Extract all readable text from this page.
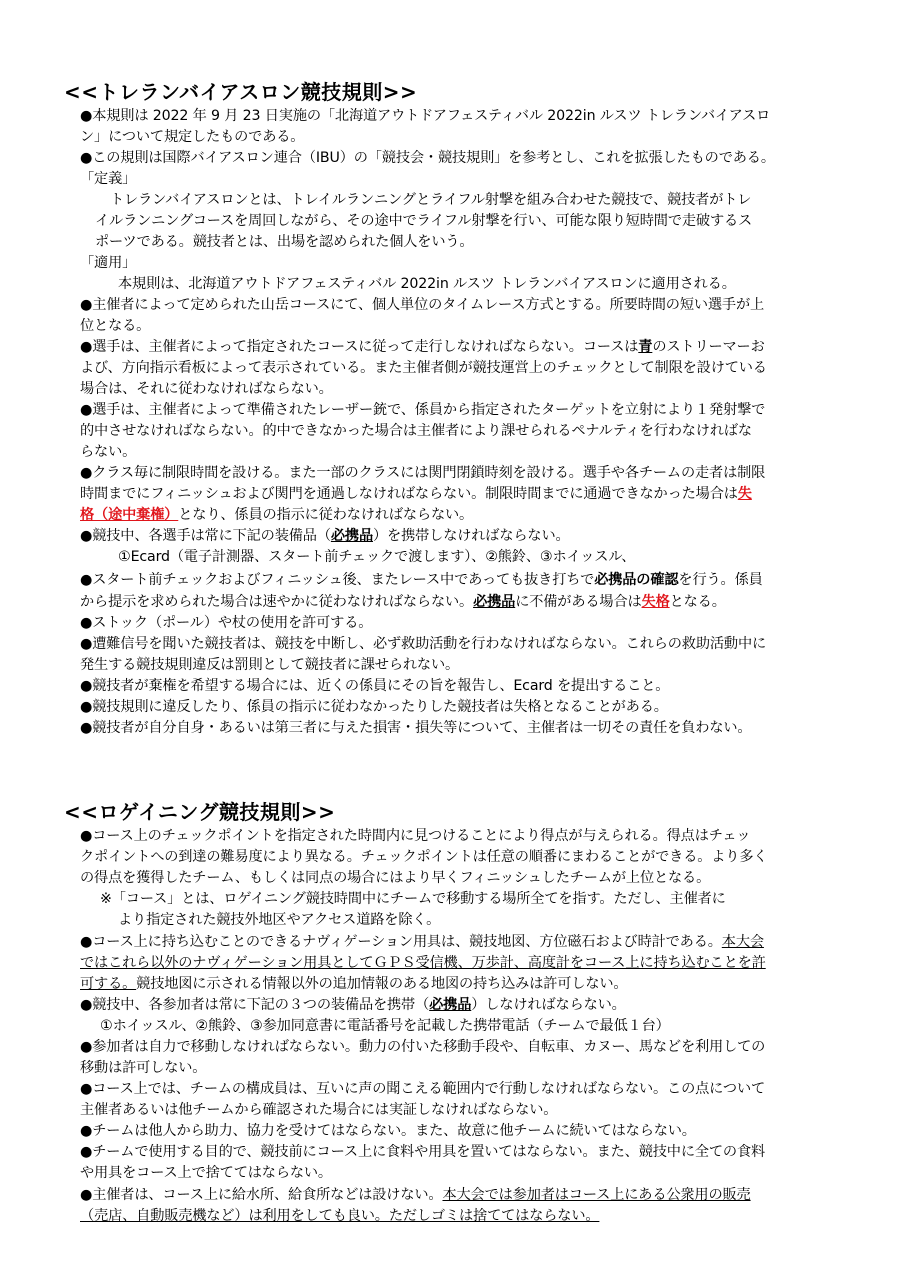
<<トレランバイアスロン競技規則>>
●本規則は 2022 年 9 月 23 日実施の「北海道アウトドアフェスティバル 2022in ルスツ トレランバイアスロ
ン」について規定したものである。
●この規則は国際バイアスロン連合（IBU）の「競技会・競技規則」を参考とし、これを拡張したものである。
「定義」
トレランバイアスロンとは、トレイルランニングとライフル射撃を組み合わせた競技で、競技者がトレ
イルランニングコースを周回しながら、その途中でライフル射撃を行い、可能な限り短時間で走破するス
ポーツである。競技者とは、出場を認められた個人をいう。
「適用」
本規則は、北海道アウトドアフェスティバル 2022in ルスツ トレランバイアスロンに適用される。
●主催者によって定められた山岳コースにて、個人単位のタイムレース方式とする。所要時間の短い選手が上
位となる。
●選手は、主催者によって指定されたコースに従って走行しなければならない。コースは青のストリーマーお
よび、方向指示看板によって表示されている。また主催者側が競技運営上のチェックとして制限を設けている
場合は、それに従わなければならない。
●選手は、主催者によって準備されたレーザー銃で、係員から指定されたターゲットを立射により１発射撃で
的中させなければならない。的中できなかった場合は主催者により課せられるペナルティを行わなければな
らない。
●クラス毎に制限時間を設ける。また一部のクラスには関門閉鎖時刻を設ける。選手や各チームの走者は制限
時間までにフィニッシュおよび関門を通過しなければならない。制限時間までに通過できなかった場合は失
格（途中棄権）となり、係員の指示に従わなければならない。
●競技中、各選手は常に下記の装備品（必携品）を携帯しなければならない。
①Ecard（電子計測器、スタート前チェックで渡します）、②熊鈴、③ホイッスル、
●スタート前チェックおよびフィニッシュ後、またレース中であっても抜き打ちで必携品の確認を行う。係員
から提示を求められた場合は速やかに従わなければならない。必携品に不備がある場合は失格となる。
●ストック（ポール）や杖の使用を許可する。
●遭難信号を聞いた競技者は、競技を中断し、必ず救助活動を行わなければならない。これらの救助活動中に
発生する競技規則違反は罰則として競技者に課せられない。
●競技者が棄権を希望する場合には、近くの係員にその旨を報告し、Ecard を提出すること。
●競技規則に違反したり、係員の指示に従わなかったりした競技者は失格となることがある。
●競技者が自分自身・あるいは第三者に与えた損害・損失等について、主催者は一切その責任を負わない。
<<ロゲイニング競技規則>>
●コース上のチェックポイントを指定された時間内に見つけることにより得点が与えられる。得点はチェッ
クポイントへの到達の難易度により異なる。チェックポイントは任意の順番にまわることができる。より多く
の得点を獲得したチーム、もしくは同点の場合にはより早くフィニッシュしたチームが上位となる。
※「コース」とは、ロゲイニング競技時間中にチームで移動する場所全てを指す。ただし、主催者に
より指定された競技外地区やアクセス道路を除く。
●コース上に持ち込むことのできるナヴィゲーション用具は、競技地図、方位磁石および時計である。本大会
ではこれら以外のナヴィゲーション用具としてＧＰＳ受信機、万歩計、高度計をコース上に持ち込むことを許
可する。競技地図に示される情報以外の追加情報のある地図の持ち込みは許可しない。
●競技中、各参加者は常に下記の３つの装備品を携帯（必携品）しなければならない。
①ホイッスル、②熊鈴、③参加同意書に電話番号を記載した携帯電話（チームで最低１台）
●参加者は自力で移動しなければならない。動力の付いた移動手段や、自転車、カヌー、馬などを利用しての
移動は許可しない。
●コース上では、チームの構成員は、互いに声の聞こえる範囲内で行動しなければならない。この点について
主催者あるいは他チームから確認された場合には実証しなければならない。
●チームは他人から助力、協力を受けてはならない。また、故意に他チームに続いてはならない。
●チームで使用する目的で、競技前にコース上に食料や用具を置いてはならない。また、競技中に全ての食料
や用具をコース上で捨ててはならない。
●主催者は、コース上に給水所、給食所などは設けない。本大会では参加者はコース上にある公衆用の販売
（売店、自動販売機など）は利用をしても良い。ただしゴミは捨ててはならない。
